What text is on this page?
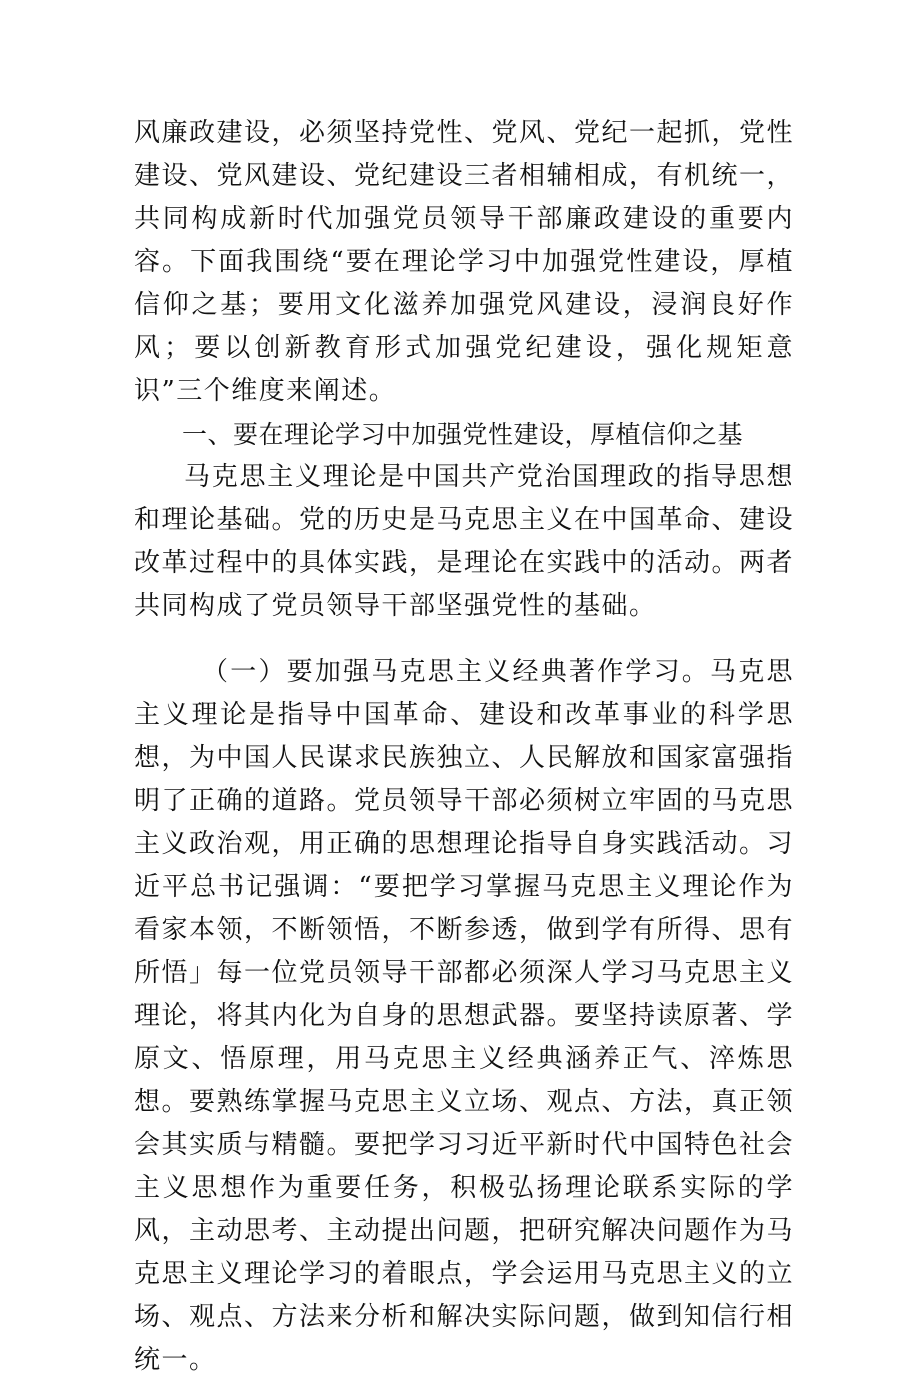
风廉政建设，必须坚持党性、党风、党纪一起抓，党性建设、党风建设、党纪建设三者相辅相成，有机统一，共同构成新时代加强党员领导干部廉政建设的重要内容。下面我围绕“要在理论学习中加强党性建设，厚植信仰之基；要用文化滋养加强党风建设，浸润良好作风；要以创新教育形式加强党纪建设，强化规矩意识”三个维度来阐述。

一、要在理论学习中加强党性建设，厚植信仰之基

马克思主义理论是中国共产党治国理政的指导思想和理论基础。党的历史是马克思主义在中国革命、建设改革过程中的具体实践，是理论在实践中的活动。两者共同构成了党员领导干部坚强党性的基础。

（一）要加强马克思主义经典著作学习。马克思主义理论是指导中国革命、建设和改革事业的科学思想，为中国人民谋求民族独立、人民解放和国家富强指明了正确的道路。党员领导干部必须树立牢固的马克思主义政治观，用正确的思想理论指导自身实践活动。习近平总书记强调：“要把学习掌握马克思主义理论作为看家本领，不断领悟，不断参透，做到学有所得、思有所悟」每一位党员领导干部都必须深人学习马克思主义理论，将其内化为自身的思想武器。要坚持读原著、学原文、悟原理，用马克思主义经典涵养正气、淬炼思想。要熟练掌握马克思主义立场、观点、方法，真正领会其实质与精髓。要把学习习近平新时代中国特色社会主义思想作为重要任务，积极弘扬理论联系实际的学风，主动思考、主动提出问题，把研究解决问题作为马克思主义理论学习的着眼点，学会运用马克思主义的立场、观点、方法来分析和解决实际问题，做到知信行相统一。
